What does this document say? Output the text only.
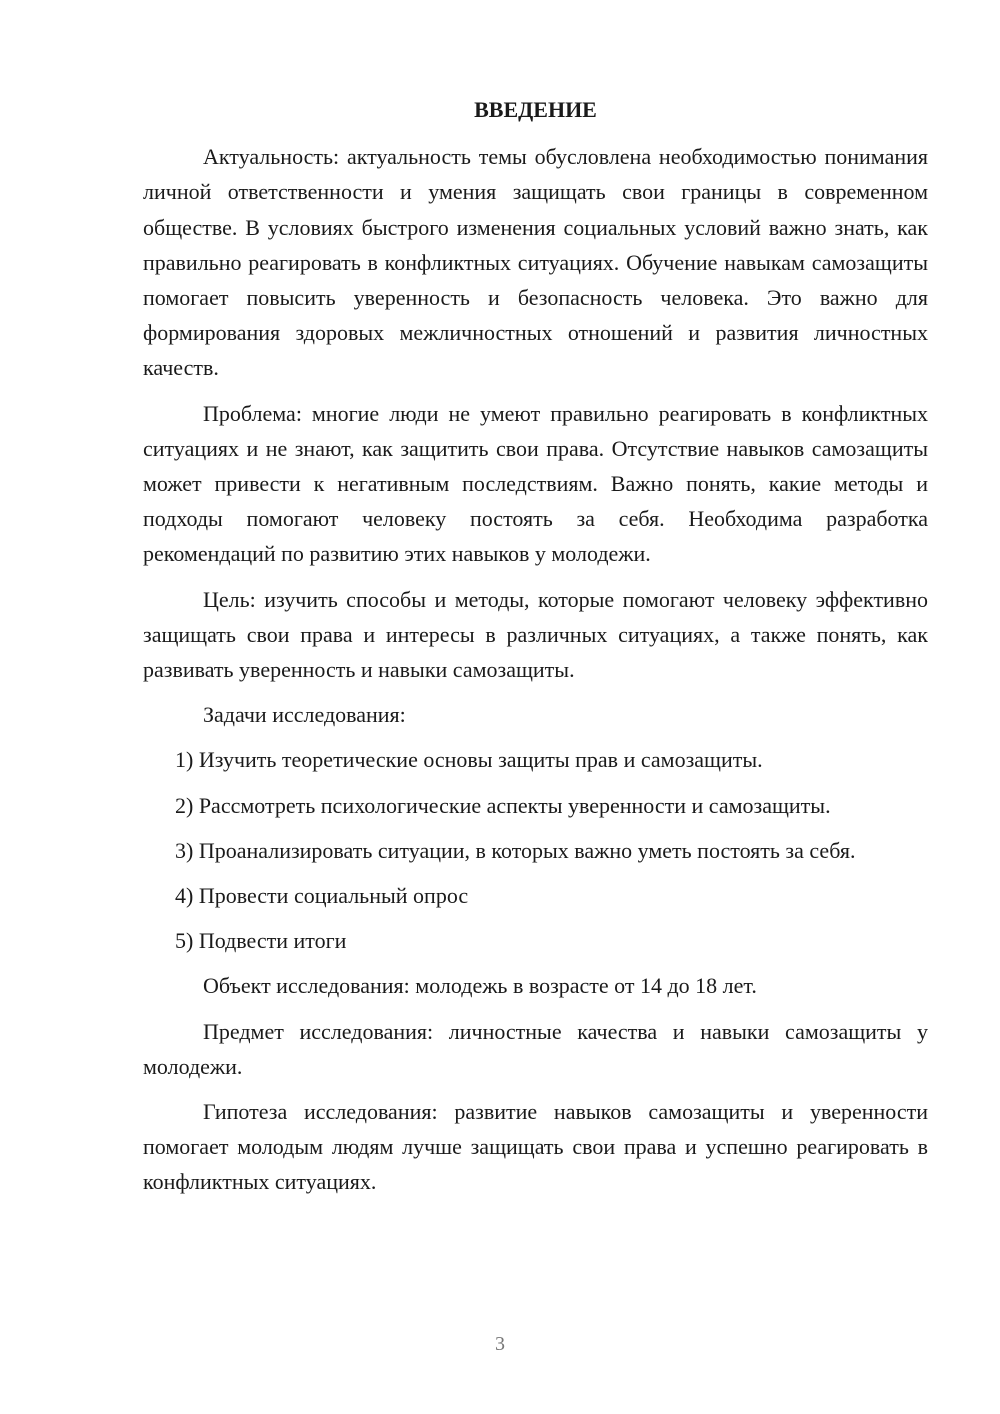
ВВЕДЕНИЕ

Актуальность: актуальность темы обусловлена необходимостью понимания личной ответственности и умения защищать свои границы в современном обществе. В условиях быстрого изменения социальных условий важно знать, как правильно реагировать в конфликтных ситуациях. Обучение навыкам самозащиты помогает повысить уверенность и безопасность человека. Это важно для формирования здоровых межличностных отношений и развития личностных качеств.

Проблема: многие люди не умеют правильно реагировать в конфликтных ситуациях и не знают, как защитить свои права. Отсутствие навыков самозащиты может привести к негативным последствиям. Важно понять, какие методы и подходы помогают человеку постоять за себя. Необходима разработка рекомендаций по развитию этих навыков у молодежи.

Цель: изучить способы и методы, которые помогают человеку эффективно защищать свои права и интересы в различных ситуациях, а также понять, как развивать уверенность и навыки самозащиты.

Задачи исследования:

1) Изучить теоретические основы защиты прав и самозащиты.

2) Рассмотреть психологические аспекты уверенности и самозащиты.

3) Проанализировать ситуации, в которых важно уметь постоять за себя.

4) Провести социальный опрос

5) Подвести итоги

Объект исследования: молодежь в возрасте от 14 до 18 лет.

Предмет исследования: личностные качества и навыки самозащиты у молодежи.

Гипотеза исследования: развитие навыков самозащиты и уверенности помогает молодым людям лучше защищать свои права и успешно реагировать в конфликтных ситуациях.

3
